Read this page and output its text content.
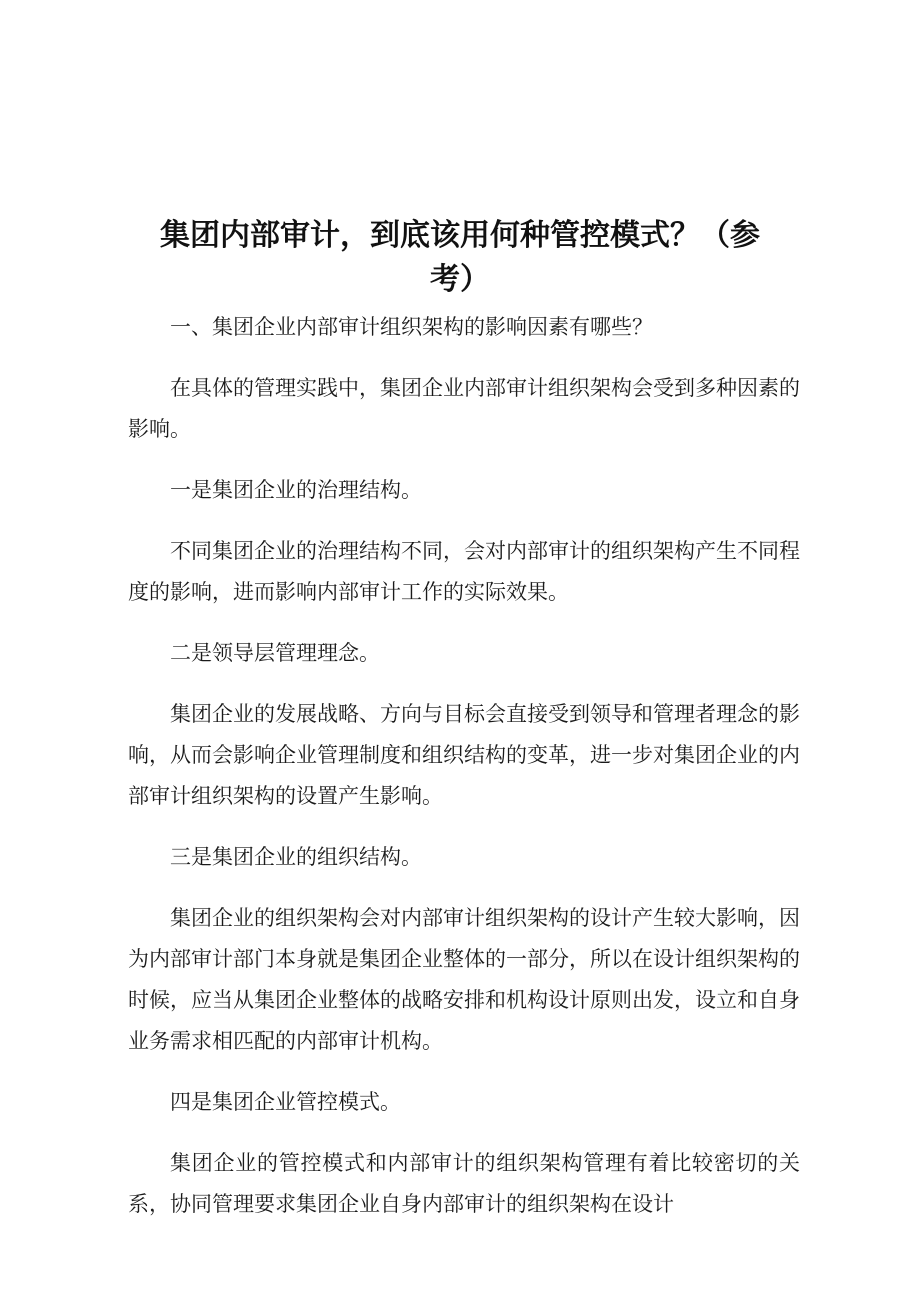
集团内部审计，到底该用何种管控模式？（参考）

一、集团企业内部审计组织架构的影响因素有哪些？

在具体的管理实践中，集团企业内部审计组织架构会受到多种因素的影响。

一是集团企业的治理结构。

不同集团企业的治理结构不同，会对内部审计的组织架构产生不同程度的影响，进而影响内部审计工作的实际效果。

二是领导层管理理念。

集团企业的发展战略、方向与目标会直接受到领导和管理者理念的影响，从而会影响企业管理制度和组织结构的变革，进一步对集团企业的内部审计组织架构的设置产生影响。

三是集团企业的组织结构。

集团企业的组织架构会对内部审计组织架构的设计产生较大影响，因为内部审计部门本身就是集团企业整体的一部分，所以在设计组织架构的时候，应当从集团企业整体的战略安排和机构设计原则出发，设立和自身业务需求相匹配的内部审计机构。

四是集团企业管控模式。

集团企业的管控模式和内部审计的组织架构管理有着比较密切的关系，协同管理要求集团企业自身内部审计的组织架构在设计
